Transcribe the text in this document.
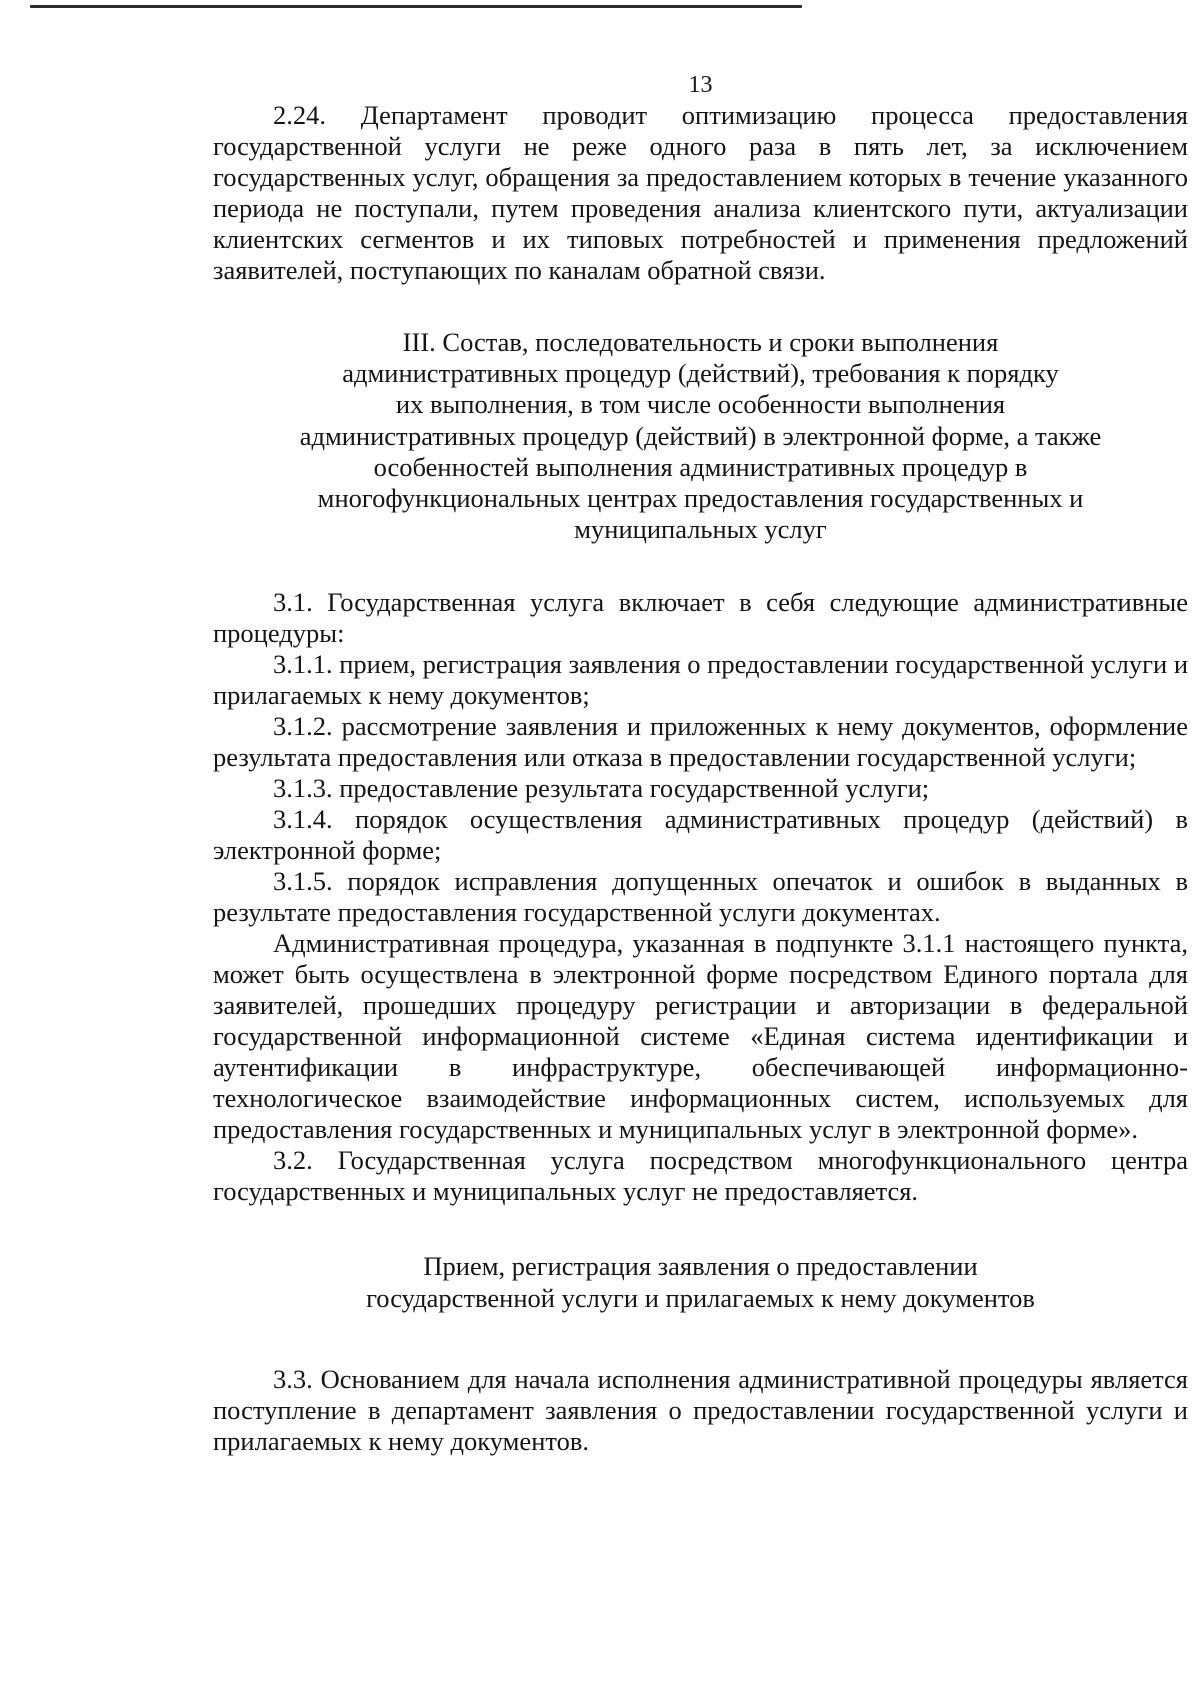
13

2.24. Департамент проводит оптимизацию процесса предоставления государственной услуги не реже одного раза в пять лет, за исключением государственных услуг, обращения за предоставлением которых в течение указанного периода не поступали, путем проведения анализа клиентского пути, актуализации клиентских сегментов и их типовых потребностей и применения предложений заявителей, поступающих по каналам обратной связи.

III. Состав, последовательность и сроки выполнения
административных процедур (действий), требования к порядку
их выполнения, в том числе особенности выполнения
административных процедур (действий) в электронной форме, а также
особенностей выполнения административных процедур в
многофункциональных центрах предоставления государственных и
муниципальных услуг

3.1. Государственная услуга включает в себя следующие административные процедуры:

3.1.1. прием, регистрация заявления о предоставлении государственной услуги и прилагаемых к нему документов;

3.1.2. рассмотрение заявления и приложенных к нему документов, оформление результата предоставления или отказа в предоставлении государственной услуги;

3.1.3. предоставление результата государственной услуги;

3.1.4. порядок осуществления административных процедур (действий) в электронной форме;

3.1.5. порядок исправления допущенных опечаток и ошибок в выданных в результате предоставления государственной услуги документах.

Административная процедура, указанная в подпункте 3.1.1 настоящего пункта, может быть осуществлена в электронной форме посредством Единого портала для заявителей, прошедших процедуру регистрации и авторизации в федеральной государственной информационной системе «Единая система идентификации и аутентификации в инфраструктуре, обеспечивающей информационно-технологическое взаимодействие информационных систем, используемых для предоставления государственных и муниципальных услуг в электронной форме».

3.2. Государственная услуга посредством многофункционального центра государственных и муниципальных услуг не предоставляется.

Прием, регистрация заявления о предоставлении
государственной услуги и прилагаемых к нему документов

3.3. Основанием для начала исполнения административной процедуры является поступление в департамент заявления о предоставлении государственной услуги и прилагаемых к нему документов.
